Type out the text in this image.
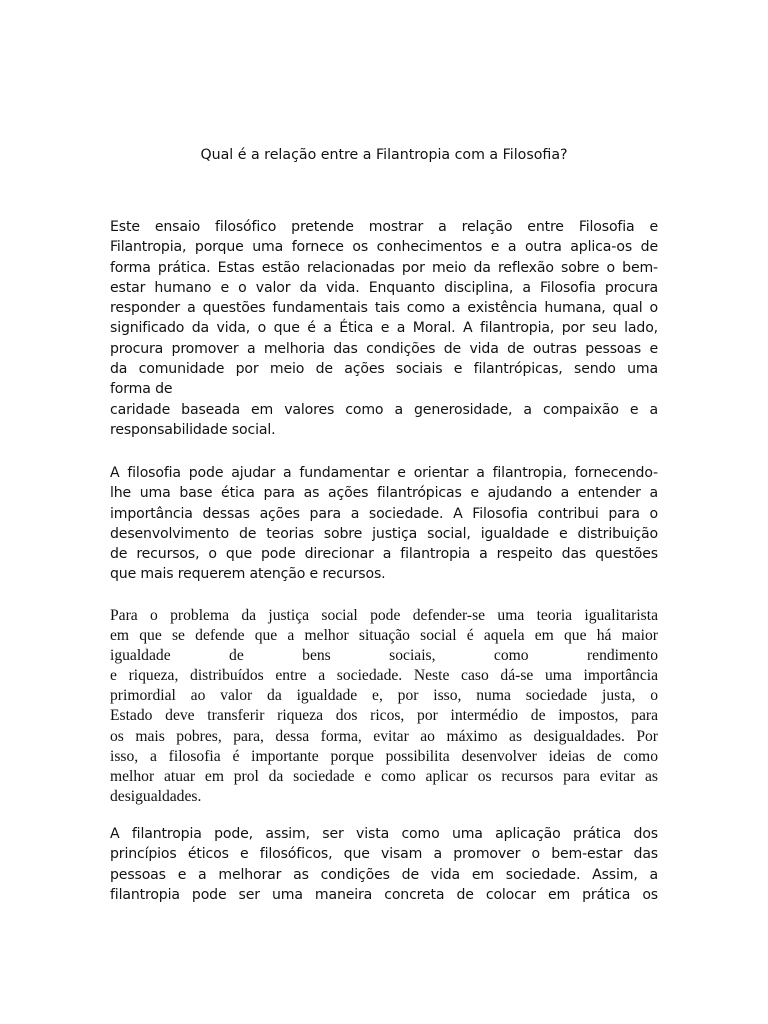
Qual é a relação entre a Filantropia com a Filosofia?
Este ensaio filosófico pretende mostrar a relação entre Filosofia e
Filantropia, porque uma fornece os conhecimentos e a outra aplica-os de
forma prática. Estas estão relacionadas por meio da reflexão sobre o bem-
estar humano e o valor da vida. Enquanto disciplina, a Filosofia procura
responder a questões fundamentais tais como a existência humana, qual o
significado da vida, o que é a Ética e a Moral. A filantropia, por seu lado,
procura promover a melhoria das condições de vida de outras pessoas e
da comunidade por meio de ações sociais e filantrópicas, sendo uma
forma de
caridade baseada em valores como a generosidade, a compaixão e a
responsabilidade social.
A filosofia pode ajudar a fundamentar e orientar a filantropia, fornecendo-
lhe uma base ética para as ações filantrópicas e ajudando a entender a
importância dessas ações para a sociedade. A Filosofia contribui para o
desenvolvimento de teorias sobre justiça social, igualdade e distribuição
de recursos, o que pode direcionar a filantropia a respeito das questões
que mais requerem atenção e recursos.
Para o problema da justiça social pode defender-se uma teoria igualitarista
em que se defende que a melhor situação social é aquela em que há maior
igualdade de bens sociais, como rendimento
e riqueza, distribuídos entre a sociedade. Neste caso dá-se uma importância
primordial ao valor da igualdade e, por isso, numa sociedade justa, o
Estado deve transferir riqueza dos ricos, por intermédio de impostos, para
os mais pobres, para, dessa forma, evitar ao máximo as desigualdades. Por
isso, a filosofia é importante porque possibilita desenvolver ideias de como
melhor atuar em prol da sociedade e como aplicar os recursos para evitar as
desigualdades.
A filantropia pode, assim, ser vista como uma aplicação prática dos
princípios éticos e filosóficos, que visam a promover o bem-estar das
pessoas e a melhorar as condições de vida em sociedade. Assim, a
filantropia pode ser uma maneira concreta de colocar em prática os
